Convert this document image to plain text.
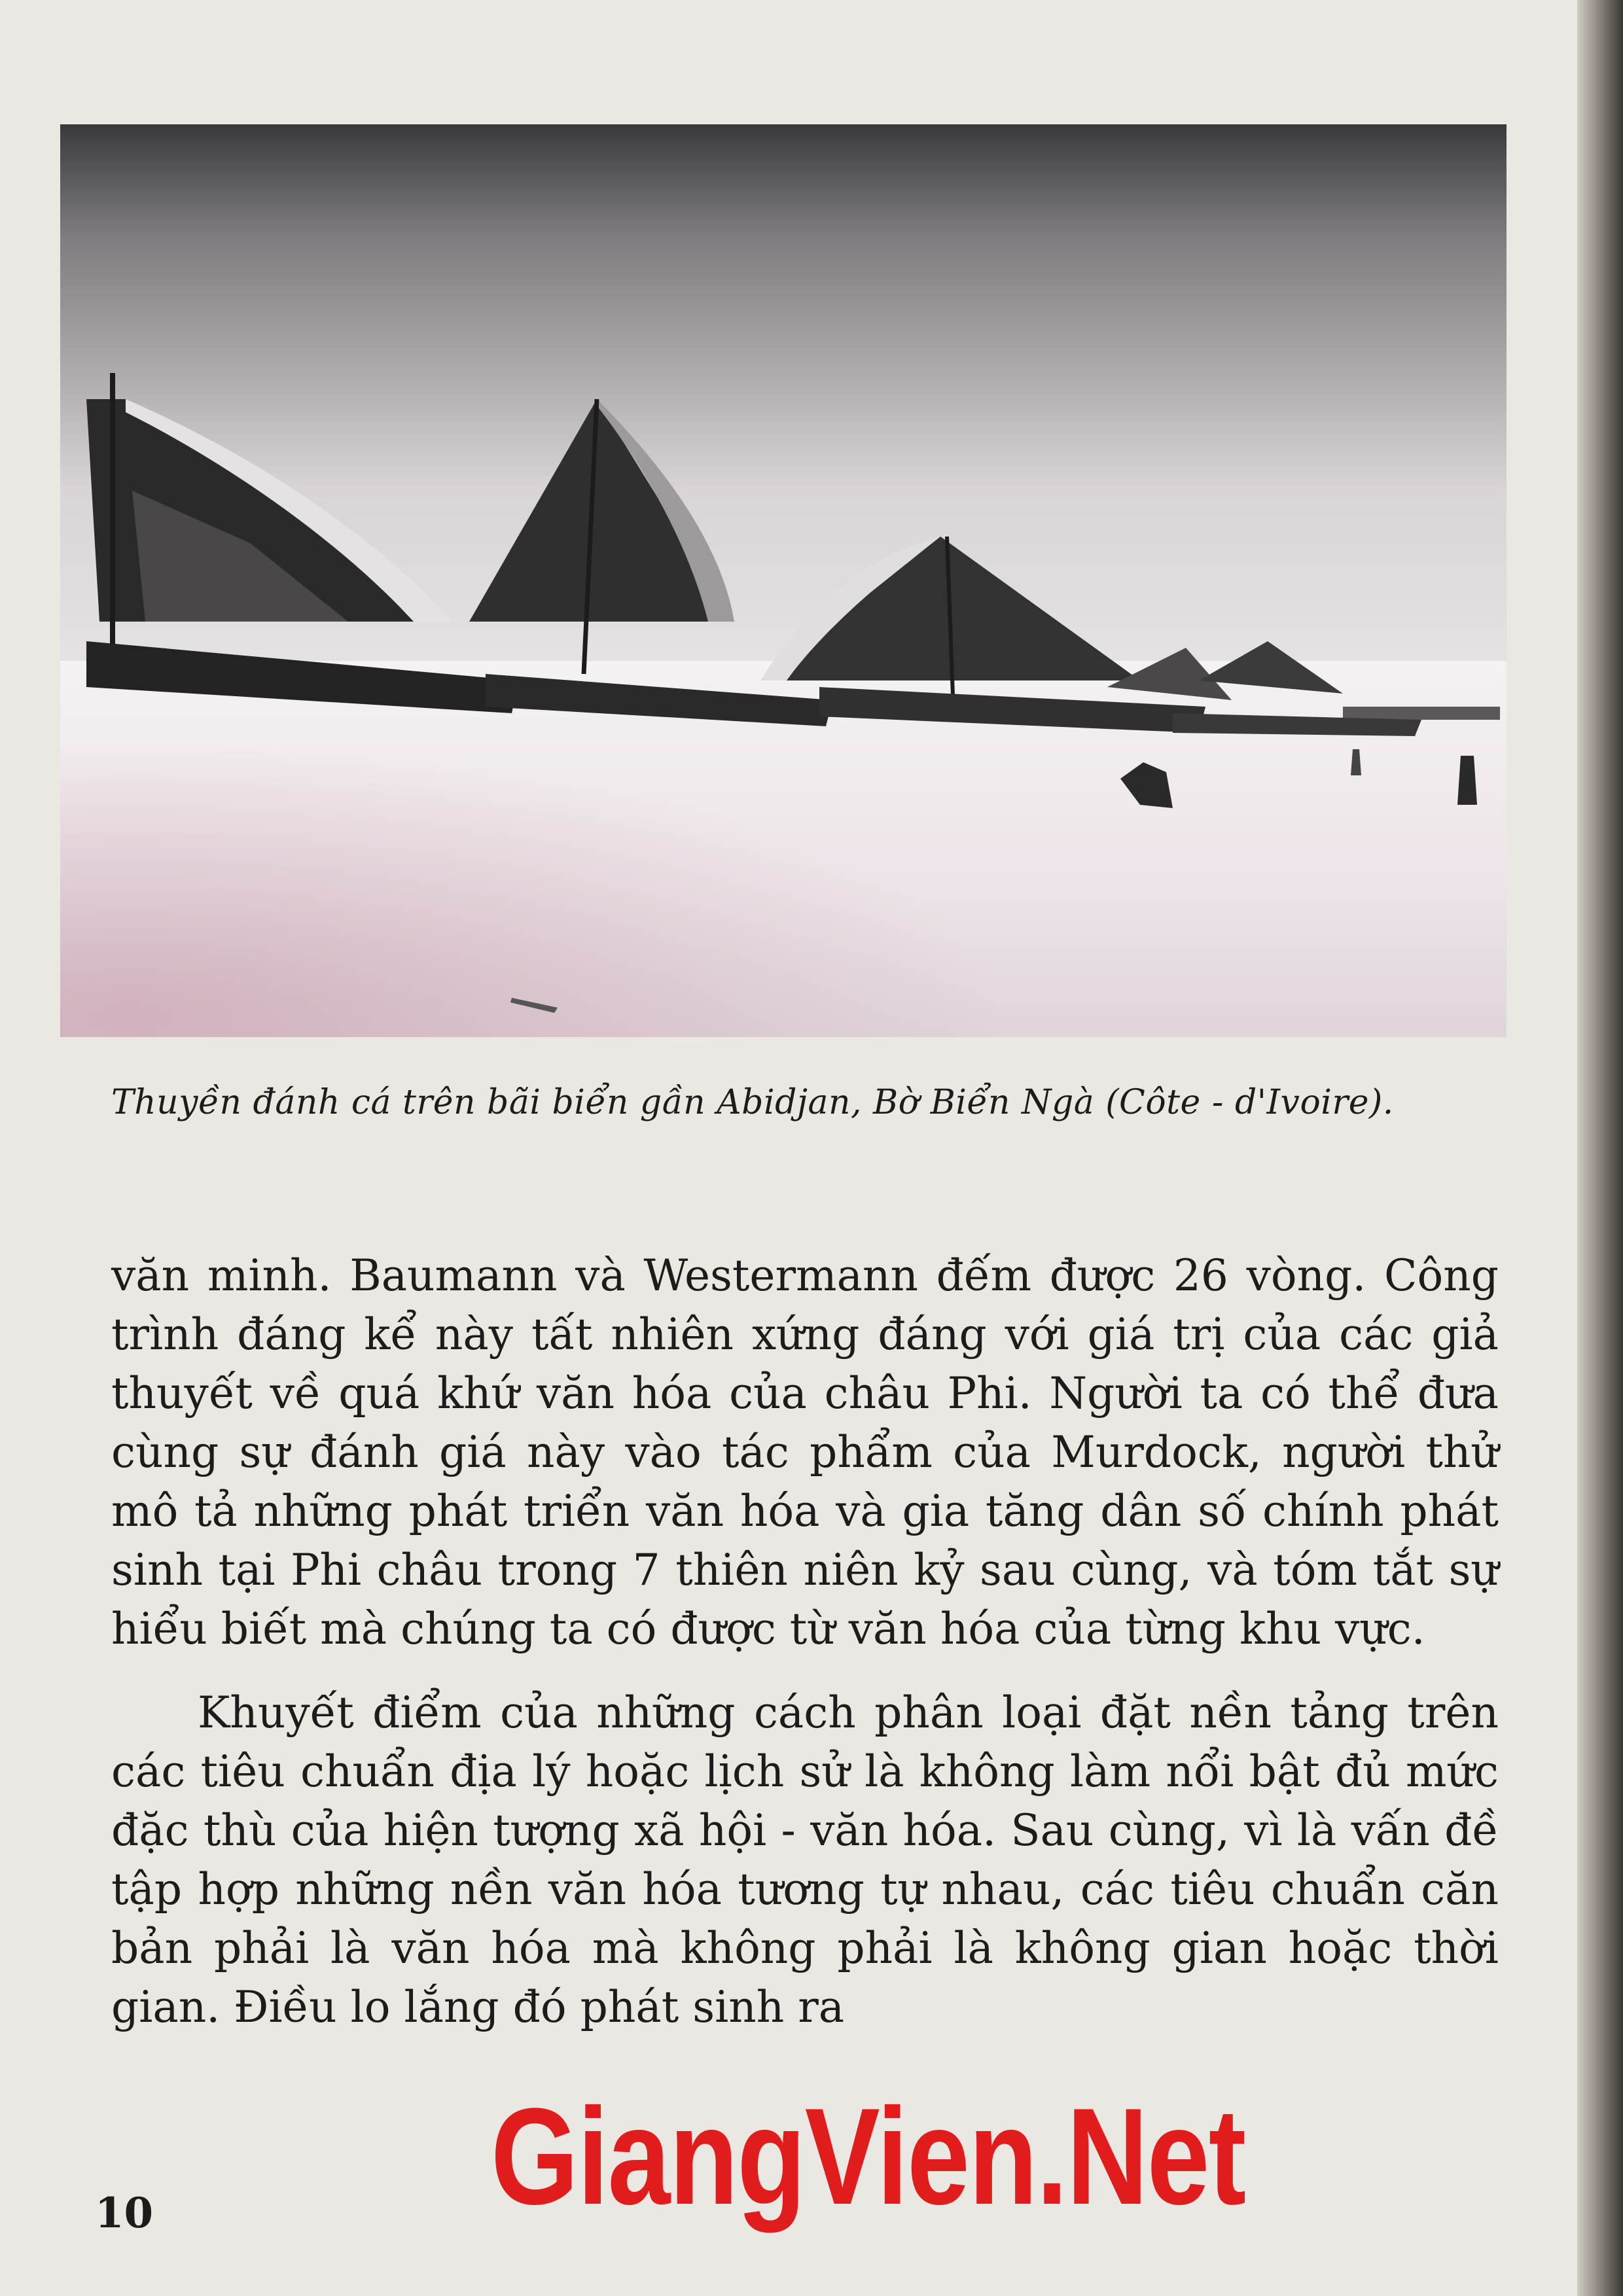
Thuyền đánh cá trên bãi biển gần Abidjan, Bờ Biển Ngà (Côte - d'Ivoire).

văn minh. Baumann và Westermann đếm được 26 vòng. Công trình đáng kể này tất nhiên xứng đáng với giá trị của các giả thuyết về quá khứ văn hóa của châu Phi. Người ta có thể đưa cùng sự đánh giá này vào tác phẩm của Murdock, người thử mô tả những phát triển văn hóa và gia tăng dân số chính phát sinh tại Phi châu trong 7 thiên niên kỷ sau cùng, và tóm tắt sự hiểu biết mà chúng ta có được từ văn hóa của từng khu vực.

Khuyết điểm của những cách phân loại đặt nền tảng trên các tiêu chuẩn địa lý hoặc lịch sử là không làm nổi bật đủ mức đặc thù của hiện tượng xã hội - văn hóa. Sau cùng, vì là vấn đề tập hợp những nền văn hóa tương tự nhau, các tiêu chuẩn căn bản phải là văn hóa mà không phải là không gian hoặc thời gian. Điều lo lắng đó phát sinh ra

GiangVien.Net
10
